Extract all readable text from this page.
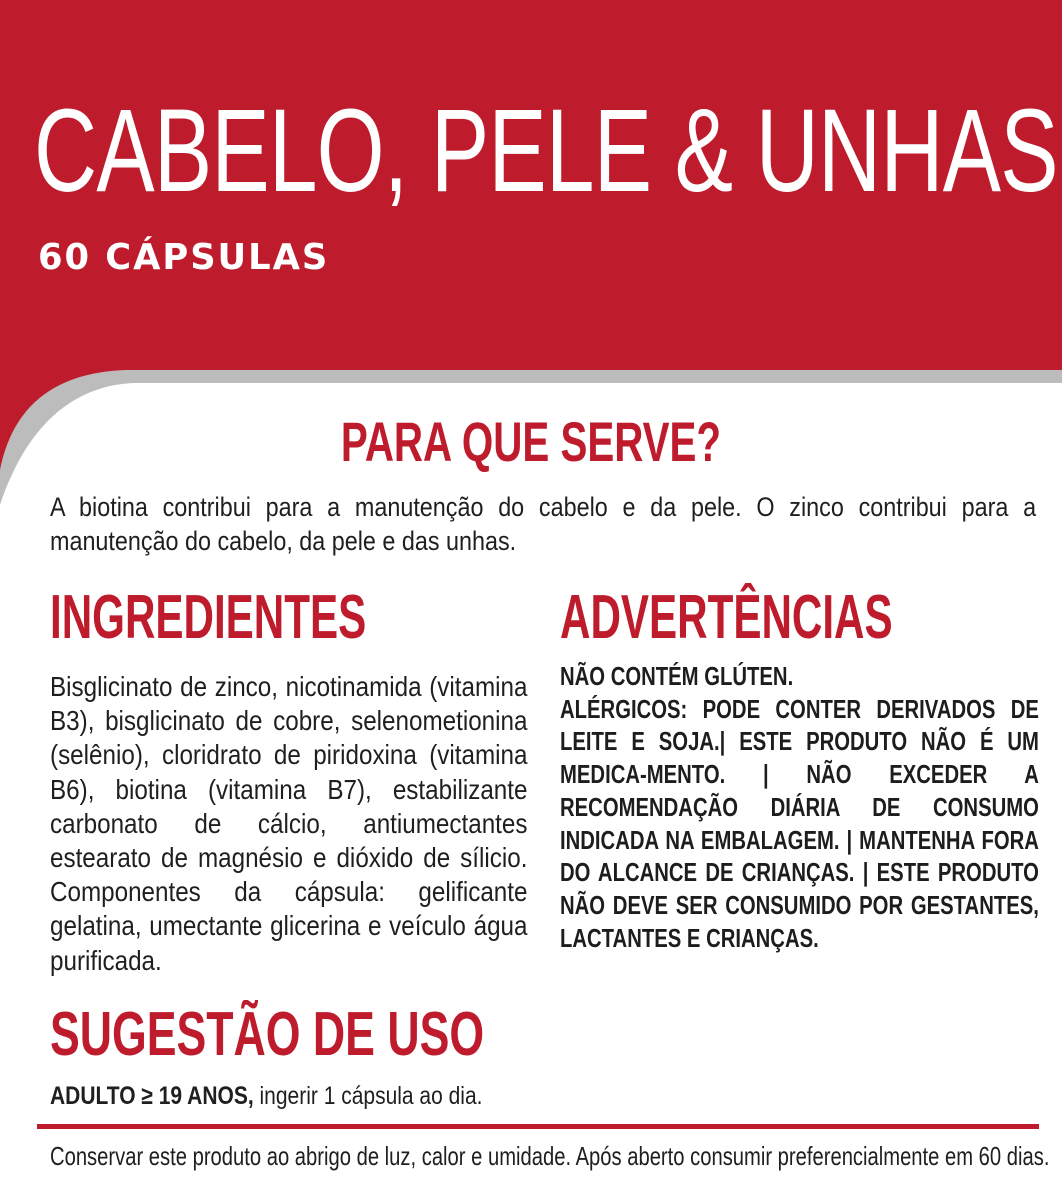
CABELO, PELE & UNHAS
60 CÁPSULAS
PARA QUE SERVE?

A biotina contribui para a manutenção do cabelo e da pele. O zinco contribui para a manutenção do cabelo, da pele e das unhas.

INGREDIENTES

Bisglicinato de zinco, nicotinamida (vitamina B3), bisglicinato de cobre, selenometionina (selênio), cloridrato de piridoxina (vitamina B6), biotina (vitamina B7), estabilizante carbonato de cálcio, antiumectantes estearato de magnésio e dióxido de sílicio. Componentes da cápsula: gelificante gelatina, umectante glicerina e veículo água purificada.

ADVERTÊNCIAS
NÃO CONTÉM GLÚTEN.
ALÉRGICOS: PODE CONTER DERIVADOS DE LEITE E SOJA.| ESTE PRODUTO NÃO É UM MEDICA-MENTO. | NÃO EXCEDER A RECOMENDAÇÃO DIÁRIA DE CONSUMO INDICADA NA EMBALAGEM. | MANTENHA FORA DO ALCANCE DE CRIANÇAS. | ESTE PRODUTO NÃO DEVE SER CONSUMIDO POR GESTANTES, LACTANTES E CRIANÇAS.
SUGESTÃO DE USO

ADULTO ≥ 19 ANOS, ingerir 1 cápsula ao dia.

Conservar este produto ao abrigo de luz, calor e umidade. Após aberto consumir preferencialmente em 60 dias.
